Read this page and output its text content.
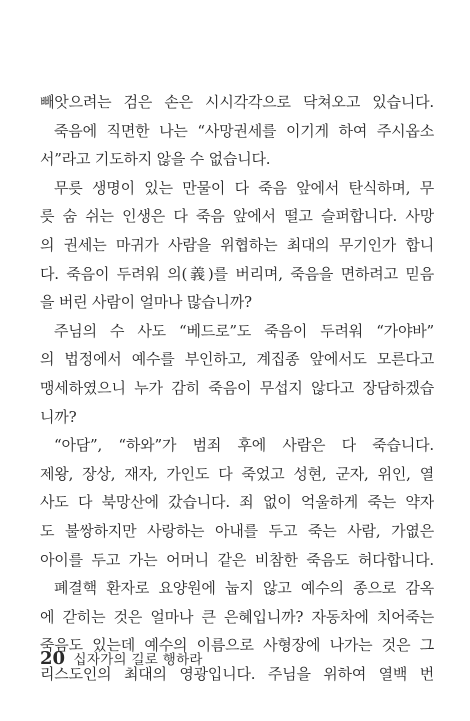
빼앗으려는 검은 손은 시시각각으로 닥쳐오고 있습니다.
죽음에 직면한 나는 “사망권세를 이기게 하여 주시옵소
서”라고 기도하지 않을 수 없습니다.
무릇 생명이 있는 만물이 다 죽음 앞에서 탄식하며, 무
릇 숨 쉬는 인생은 다 죽음 앞에서 떨고 슬퍼합니다. 사망
의 권세는 마귀가 사람을 위협하는 최대의 무기인가 합니
다. 죽음이 두려워 의(義)를 버리며, 죽음을 면하려고 믿음
을 버린 사람이 얼마나 많습니까?
주님의 수 사도 “베드로”도 죽음이 두려워 “가야바”
의 법정에서 예수를 부인하고, 계집종 앞에서도 모른다고
맹세하였으니 누가 감히 죽음이 무섭지 않다고 장담하겠습
니까?
“아담”, “하와”가 범죄 후에 사람은 다 죽습니다.
제왕, 장상, 재자, 가인도 다 죽었고 성현, 군자, 위인, 열
사도 다 북망산에 갔습니다. 죄 없이 억울하게 죽는 약자
도 불쌍하지만 사랑하는 아내를 두고 죽는 사람, 가엾은
아이를 두고 가는 어머니 같은 비참한 죽음도 허다합니다.
폐결핵 환자로 요양원에 눕지 않고 예수의 종으로 감옥
에 갇히는 것은 얼마나 큰 은혜입니까? 자동차에 치어죽는
죽음도 있는데 예수의 이름으로 사형장에 나가는 것은 그
리스도인의 최대의 영광입니다. 주님을 위하여 열백 번
20 십자가의 길로 행하라
